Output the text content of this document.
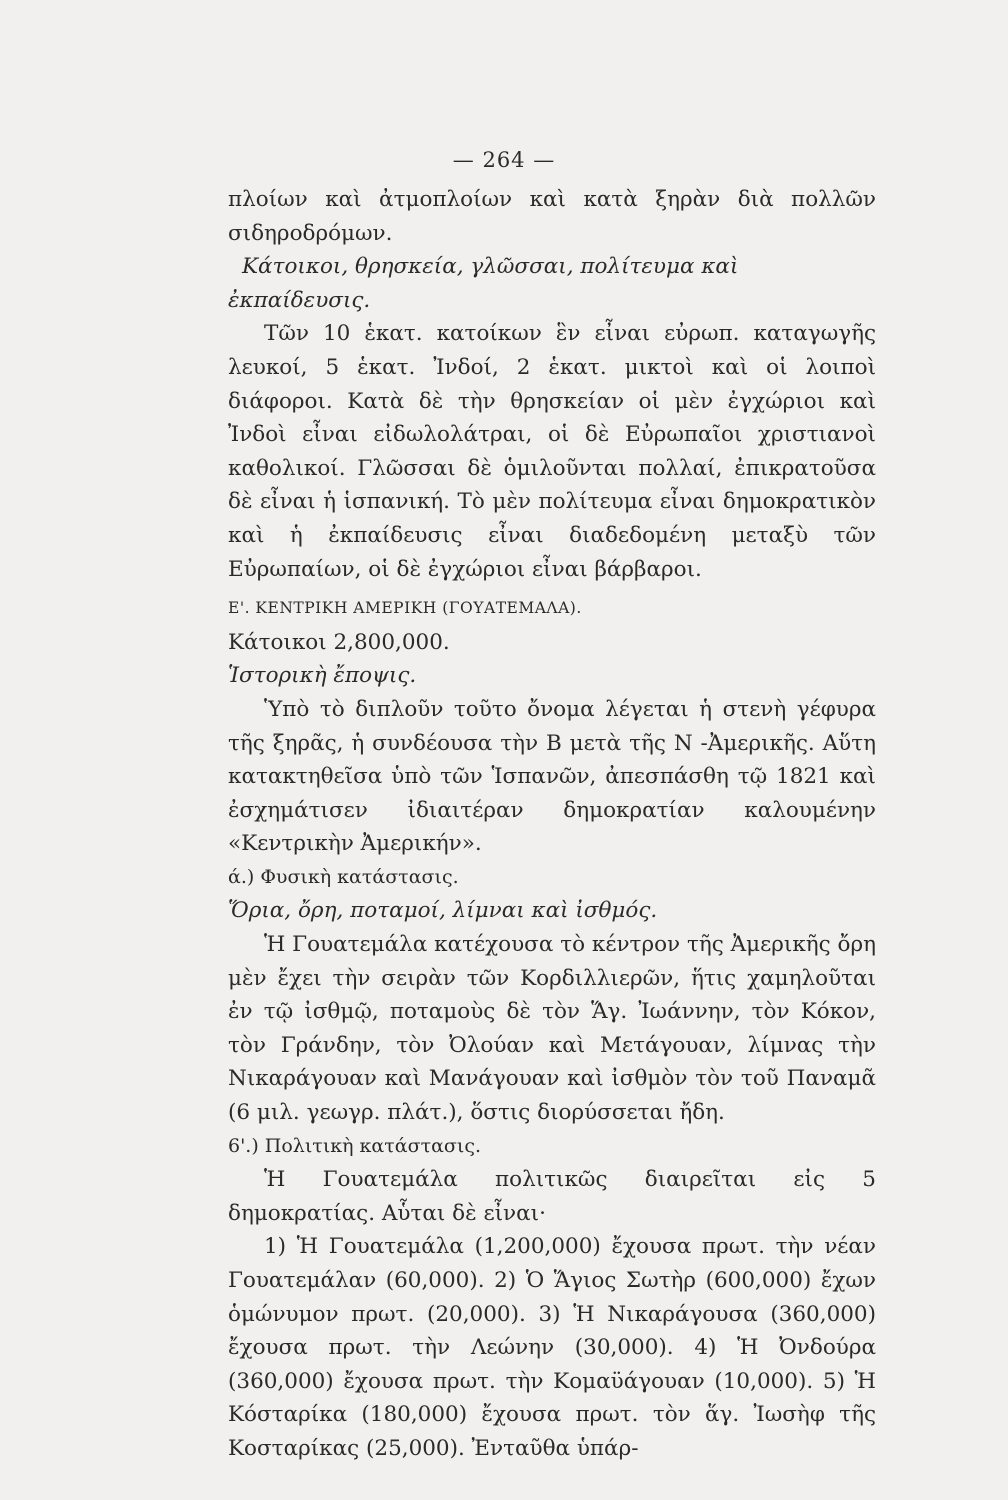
— 264 —

πλοίων καὶ ἀτμοπλοίων καὶ κατὰ ξηρὰν διὰ πολλῶν σιδηροδρόμων.

Κάτοικοι, θρησκεία, γλῶσσαι, πολίτευμα καὶ ἐκπαίδευσις.

Τῶν 10 ἑκατ. κατοίκων ἓν εἶναι εὐρωπ. καταγωγῆς λευκοί, 5 ἑκατ. Ἰνδοί, 2 ἑκατ. μικτοὶ καὶ οἱ λοιποὶ διάφοροι. Κατὰ δὲ τὴν θρησκείαν οἱ μὲν ἐγχώριοι καὶ Ἰνδοὶ εἶναι εἰδωλολάτραι, οἱ δὲ Εὐρωπαῖοι χριστιανοὶ καθολικοί. Γλῶσσαι δὲ ὁμιλοῦνται πολλαί, ἐπικρατοῦσα δὲ εἶναι ἡ ἱσπανική. Τὸ μὲν πολίτευμα εἶναι δημοκρατικὸν καὶ ἡ ἐκπαίδευσις εἶναι διαδεδομένη μεταξὺ τῶν Εὐρωπαίων, οἱ δὲ ἐγχώριοι εἶναι βάρβαροι.

Ε'. ΚΕΝΤΡΙΚΗ ΑΜΕΡΙΚΗ (ΓΟΥΑΤΕΜΑΛΑ).

Κάτοικοι 2,800,000.

Ἱστορικὴ ἔποψις.

Ὑπὸ τὸ διπλοῦν τοῦτο ὄνομα λέγεται ἡ στενὴ γέφυρα τῆς ξηρᾶς, ἡ συνδέουσα τὴν Β μετὰ τῆς Ν -Ἀμερικῆς. Αὕτη κατακτηθεῖσα ὑπὸ τῶν Ἱσπανῶν, ἀπεσπάσθη τῷ 1821 καὶ ἐσχημάτισεν ἰδιαιτέραν δημοκρατίαν καλουμένην «Κεντρικὴν Ἀμερικήν».

ά.) Φυσικὴ κατάστασις.

Ὅρια, ὄρη, ποταμοί, λίμναι καὶ ἰσθμός.

Ἡ Γουατεμάλα κατέχουσα τὸ κέντρον τῆς Ἀμερικῆς ὄρη μὲν ἔχει τὴν σειρὰν τῶν Κορδιλλιερῶν, ἥτις χαμηλοῦται ἐν τῷ ἰσθμῷ, ποταμοὺς δὲ τὸν Ἅγ. Ἰωάννην, τὸν Κόκον, τὸν Γράνδην, τὸν Ὀλούαν καὶ Μετάγουαν, λίμνας τὴν Νικαράγουαν καὶ Μανάγουαν καὶ ἰσθμὸν τὸν τοῦ Παναμᾶ (6 μιλ. γεωγρ. πλάτ.), ὅστις διορύσσεται ἤδη.

6'.) Πολιτικὴ κατάστασις.

Ἡ Γουατεμάλα πολιτικῶς διαιρεῖται εἰς 5 δημοκρατίας. Αὗται δὲ εἶναι·

1) Ἡ Γουατεμάλα (1,200,000) ἔχουσα πρωτ. τὴν νέαν Γουατεμάλαν (60,000). 2) Ὁ Ἅγιος Σωτὴρ (600,000) ἔχων ὁμώνυμον πρωτ. (20,000). 3) Ἡ Νικαράγουσα (360,000) ἔχουσα πρωτ. τὴν Λεώνην (30,000). 4) Ἡ Ὀνδούρα (360,000) ἔχουσα πρωτ. τὴν Κομαϋάγουαν (10,000). 5) Ἡ Κόσταρίκα (180,000) ἔχουσα πρωτ. τὸν ἅγ. Ἰωσὴφ τῆς Κοσταρίκας (25,000). Ἐνταῦθα ὑπάρ-
